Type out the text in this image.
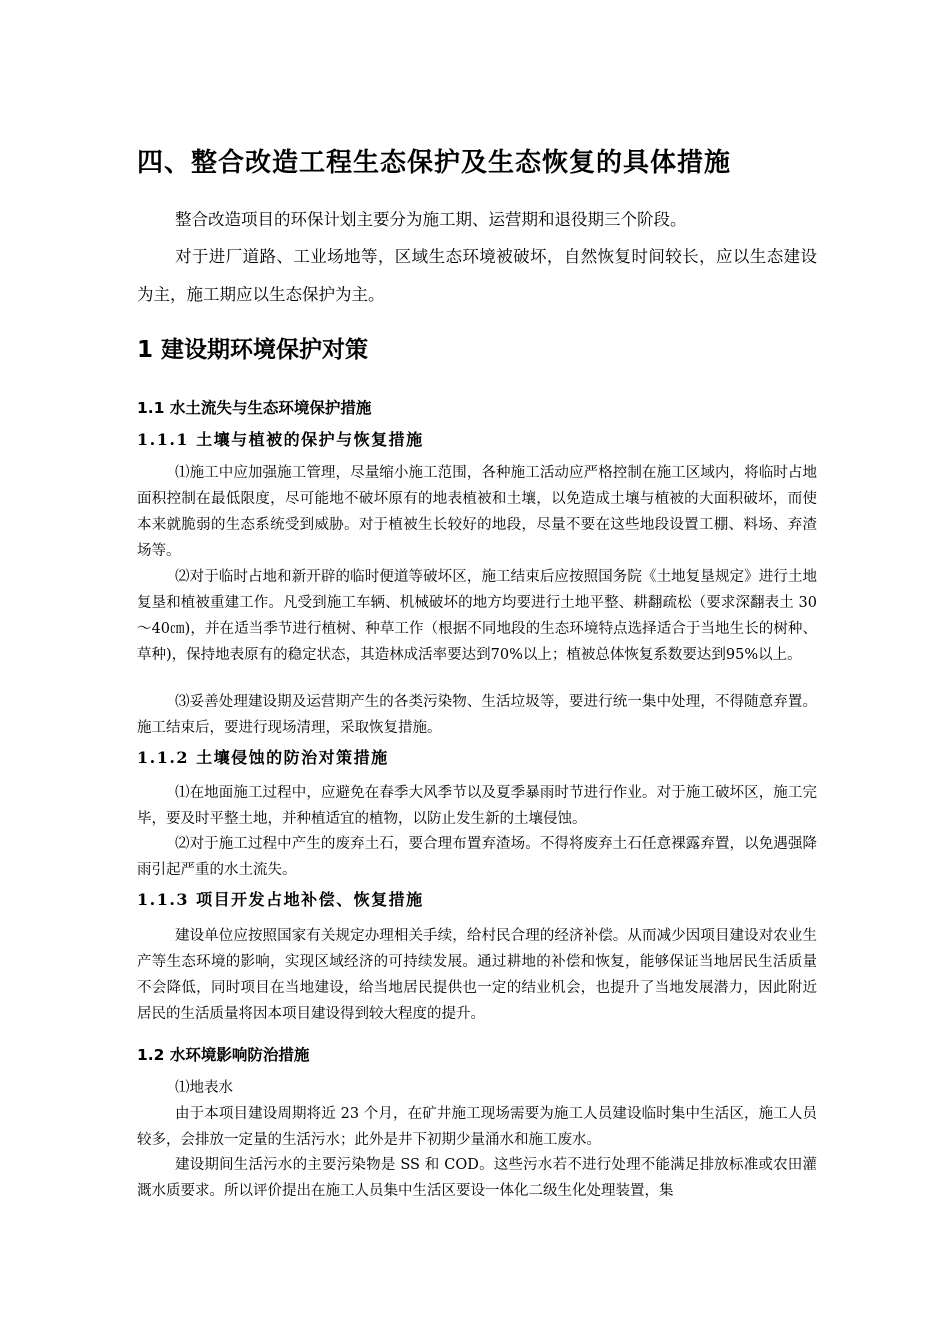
四、整合改造工程生态保护及生态恢复的具体措施

整合改造项目的环保计划主要分为施工期、运营期和退役期三个阶段。

对于进厂道路、工业场地等，区域生态环境被破坏，自然恢复时间较长，应以生态建设为主，施工期应以生态保护为主。

1 建设期环境保护对策
1.1 水土流失与生态环境保护措施
1.1.1 土壤与植被的保护与恢复措施

⑴施工中应加强施工管理，尽量缩小施工范围，各种施工活动应严格控制在施工区域内，将临时占地面积控制在最低限度，尽可能地不破坏原有的地表植被和土壤，以免造成土壤与植被的大面积破坏，而使本来就脆弱的生态系统受到威胁。对于植被生长较好的地段，尽量不要在这些地段设置工棚、料场、弃渣场等。

⑵对于临时占地和新开辟的临时便道等破坏区，施工结束后应按照国务院《土地复垦规定》进行土地复垦和植被重建工作。凡受到施工车辆、机械破坏的地方均要进行土地平整、耕翻疏松（要求深翻表土 30～40㎝)，并在适当季节进行植树、种草工作（根据不同地段的生态环境特点选择适合于当地生长的树种、草种)，保持地表原有的稳定状态，其造林成活率要达到70%以上；植被总体恢复系数要达到95%以上。

⑶妥善处理建设期及运营期产生的各类污染物、生活垃圾等，要进行统一集中处理，不得随意弃置。施工结束后，要进行现场清理，采取恢复措施。

1.1.2 土壤侵蚀的防治对策措施

⑴在地面施工过程中，应避免在春季大风季节以及夏季暴雨时节进行作业。对于施工破坏区，施工完毕，要及时平整土地，并种植适宜的植物，以防止发生新的土壤侵蚀。

⑵对于施工过程中产生的废弃土石，要合理布置弃渣场。不得将废弃土石任意裸露弃置，以免遇强降雨引起严重的水土流失。

1.1.3 项目开发占地补偿、恢复措施

建设单位应按照国家有关规定办理相关手续，给村民合理的经济补偿。从而减少因项目建设对农业生产等生态环境的影响，实现区域经济的可持续发展。通过耕地的补偿和恢复，能够保证当地居民生活质量不会降低，同时项目在当地建设，给当地居民提供也一定的结业机会，也提升了当地发展潜力，因此附近居民的生活质量将因本项目建设得到较大程度的提升。

1.2 水环境影响防治措施

⑴地表水

由于本项目建设周期将近 23 个月，在矿井施工现场需要为施工人员建设临时集中生活区，施工人员较多，会排放一定量的生活污水；此外是井下初期少量涌水和施工废水。

建设期间生活污水的主要污染物是 SS 和 COD。这些污水若不进行处理不能满足排放标准或农田灌溉水质要求。所以评价提出在施工人员集中生活区要设一体化二级生化处理装置，集
